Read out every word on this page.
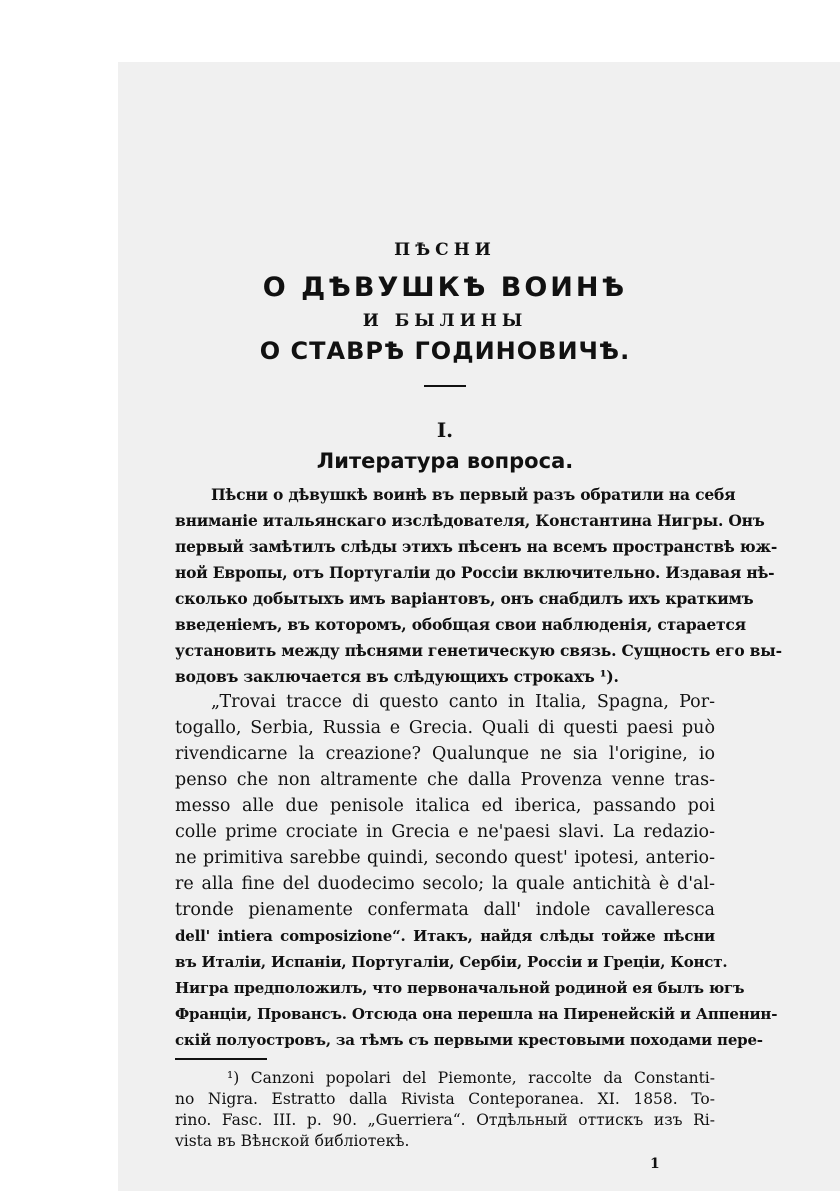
ПѢСНИ
О ДѢВУШКѢ ВОИНѢ
И БЫЛИНЫ
О СТАВРѢ ГОДИНОВИЧѢ.
I.
Литература вопроса.
Пѣсни о дѣвушкѣ воинѣ въ первый разъ обратили на себя
вниманіе итальянскаго изслѣдователя, Константина Нигры. Онъ
первый замѣтилъ слѣды этихъ пѣсенъ на всемъ пространствѣ юж-
ной Европы, отъ Португаліи до Россіи включительно. Издавая нѣ-
сколько добытыхъ имъ варіантовъ, онъ снабдилъ ихъ краткимъ
введеніемъ, въ которомъ, обобщая свои наблюденія, старается
установить между пѣснями генетическую связь. Сущность его вы-
водовъ заключается въ слѣдующихъ строкахъ ¹).
„Trovai tracce di questo canto in Italia, Spagna, Por-
togallo, Serbia, Russia e Grecia. Quali di questi paesi può
rivendicarne la creazione? Qualunque ne sia l'origine, io
penso che non altramente che dalla Provenza venne tras-
messo alle due penisole italica ed iberica, passando poi
colle prime crociate in Grecia e ne'paesi slavi. La redazio-
ne primitiva sarebbe quindi, secondo quest' ipotesi, anterio-
re alla fine del duodecimo secolo; la quale antichità è d'al-
tronde pienamente confermata dall' indole cavalleresca
dell' intiera composizione“. Итакъ, найдя слѣды тойже пѣсни
въ Италіи, Испаніи, Португаліи, Сербіи, Россіи и Греціи, Конст.
Нигра предположилъ, что первоначальной родиной ея былъ югъ
Франціи, Провансъ. Отсюда она перешла на Пиренейскій и Аппенин-
скій полуостровъ, за тѣмъ съ первыми крестовыми походами пере-
¹) Canzoni popolari del Piemonte, raccolte da Constanti-
no Nigra. Estratto dalla Rivista Conteporanea. XI. 1858. To-
rino. Fasc. III. p. 90. „Guerriera“. Отдѣльный оттискъ изъ Ri-
vista въ Вѣнской библіотекѣ.
1
